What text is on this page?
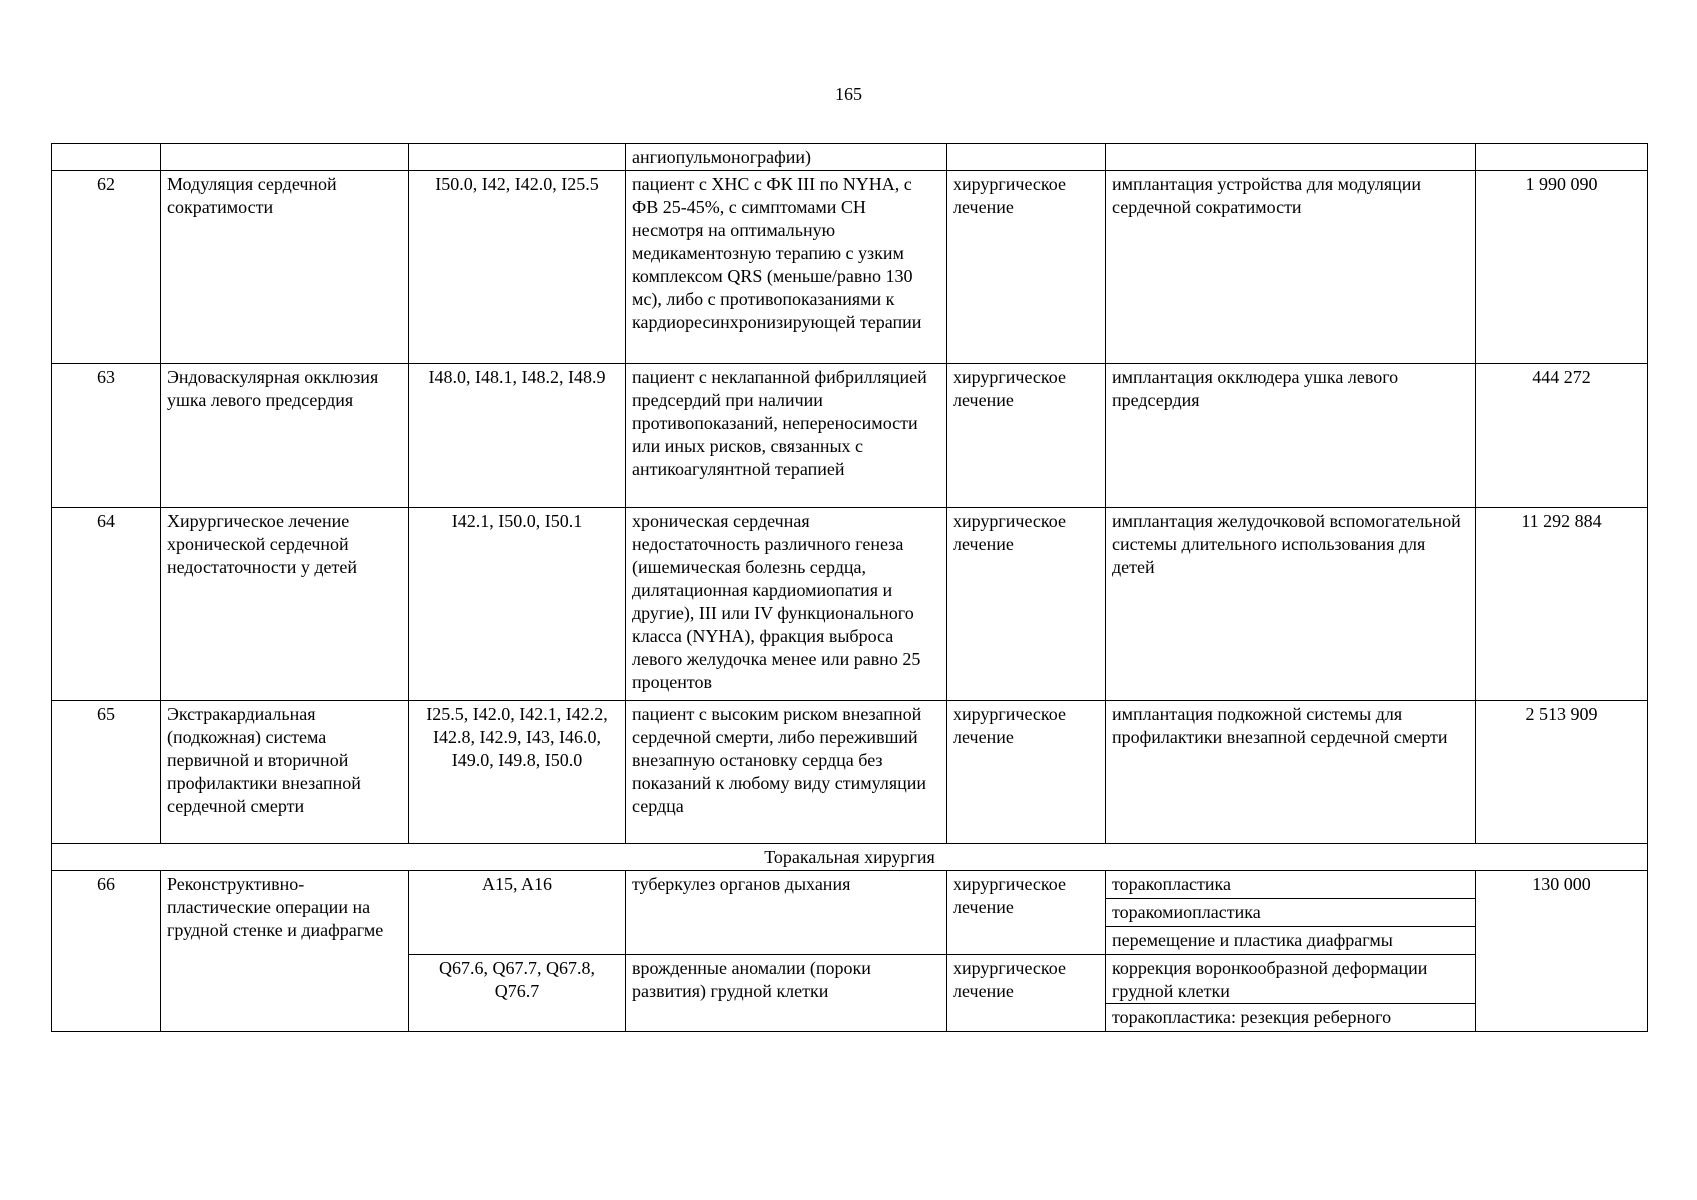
165
			ангиопульмонографии)			
62	Модуляция сердечной сократимости	I50.0, I42, I42.0, I25.5	пациент с ХНС с ФК III по NYHA, с ФВ 25-45%, с симптомами СН несмотря на оптимальную медикаментозную терапию с узким комплексом QRS (меньше/равно 130 мс), либо с противопоказаниями к кардиоресинхронизирующей терапии	хирургическое лечение	имплантация устройства для модуляции сердечной сократимости	1 990 090
63	Эндоваскулярная окклюзия ушка левого предсердия	I48.0, I48.1, I48.2, I48.9	пациент с неклапанной фибрилляцией предсердий при наличии противопоказаний, непереносимости или иных рисков, связанных с антикоагулянтной терапией	хирургическое лечение	имплантация окклюдера ушка левого предсердия	444 272
64	Хирургическое лечение хронической сердечной недостаточности у детей	I42.1, I50.0, I50.1	хроническая сердечная недостаточность различного генеза (ишемическая болезнь сердца, дилятационная кардиомиопатия и другие), III или IV функционального класса (NYHA), фракция выброса левого желудочка менее или равно 25 процентов	хирургическое лечение	имплантация желудочковой вспомогательной системы длительного использования для детей	11 292 884
65	Экстракардиальная (подкожная) система первичной и вторичной профилактики внезапной сердечной смерти	I25.5, I42.0, I42.1, I42.2, I42.8, I42.9, I43, I46.0, I49.0, I49.8, I50.0	пациент с высоким риском внезапной сердечной смерти, либо переживший внезапную остановку сердца без показаний к любому виду стимуляции сердца	хирургическое лечение	имплантация подкожной системы для профилактики внезапной сердечной смерти	2 513 909
Торакальная хирургия						
66	Реконструктивно-пластические операции на грудной стенке и диафрагме	A15, A16	туберкулез органов дыхания	хирургическое лечение	торакопластика	130 000
					торакомиопластика	
					перемещение и пластика диафрагмы	
		Q67.6, Q67.7, Q67.8, Q76.7	врожденные аномалии (пороки развития) грудной клетки	хирургическое лечение	коррекция воронкообразной деформации грудной клетки	
					торакопластика: резекция реберного	
